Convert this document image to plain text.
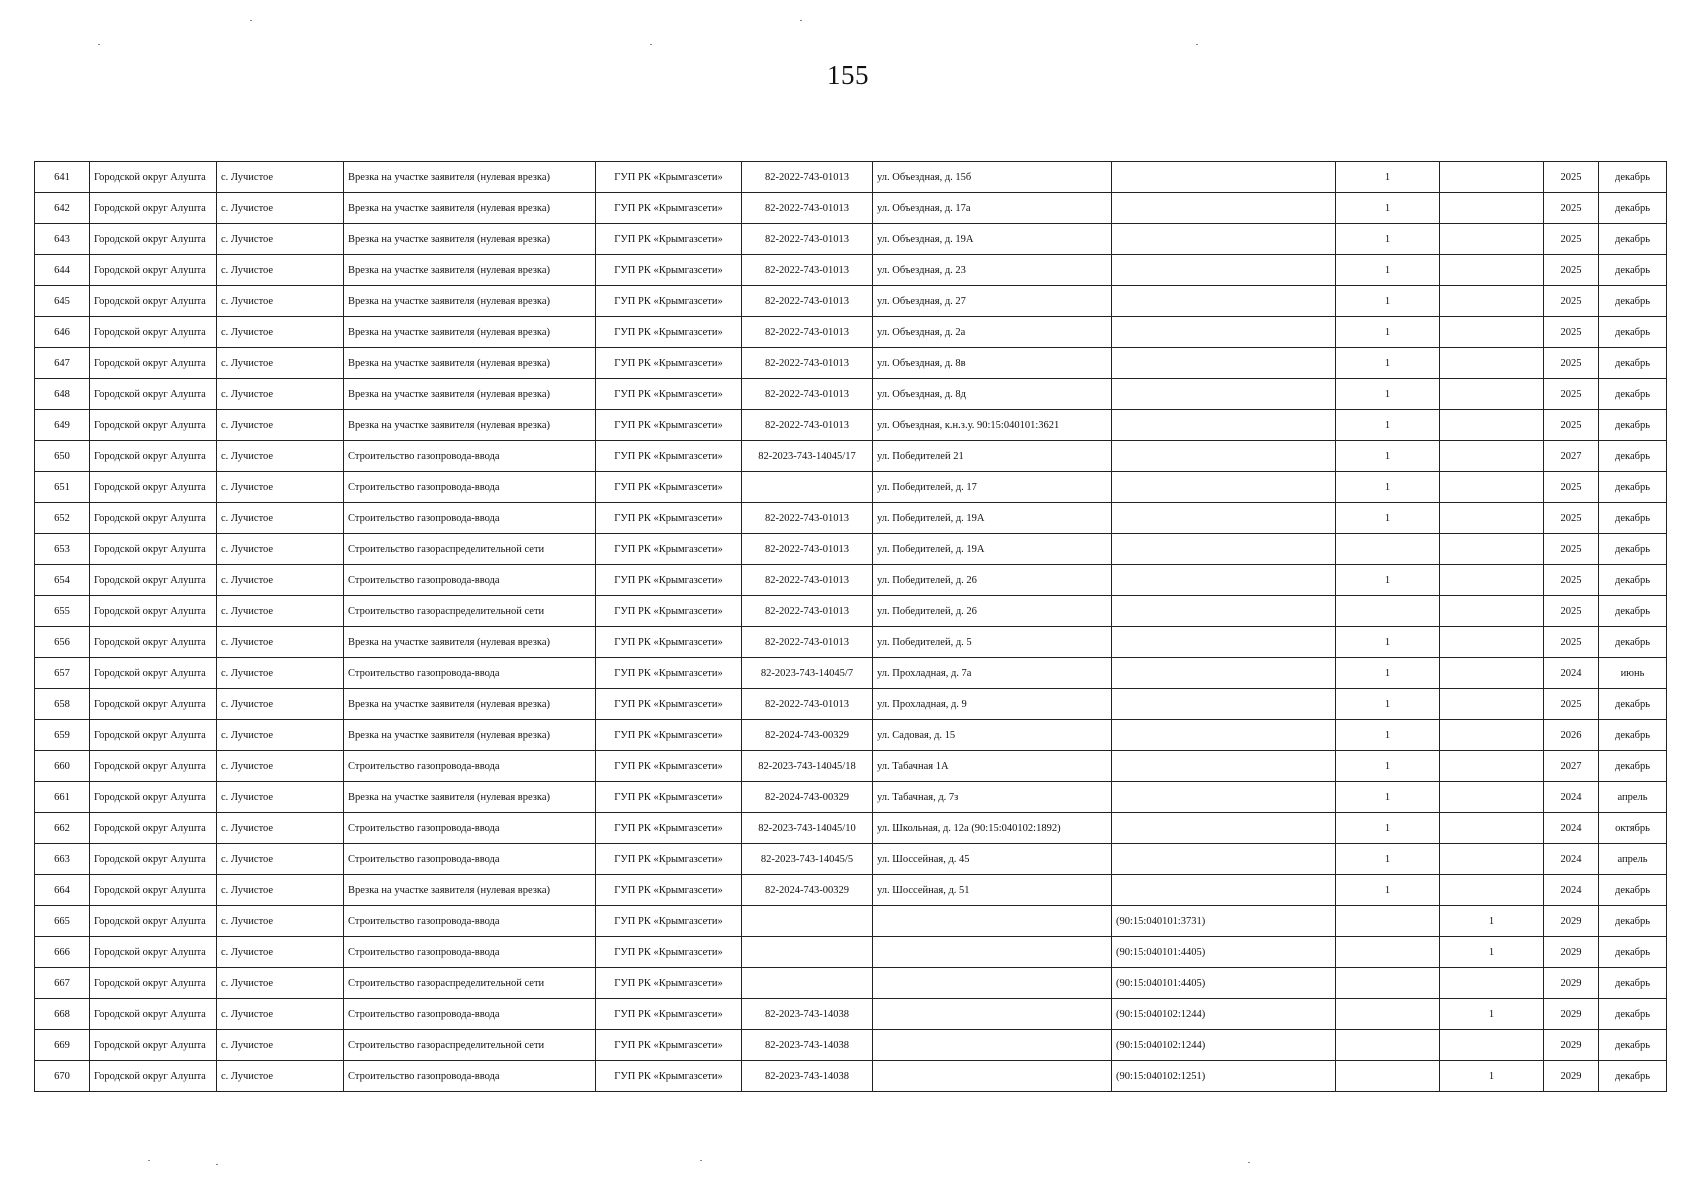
155
641	Городской округ Алушта	с. Лучистое	Врезка на участке заявителя (нулевая врезка)	ГУП РК «Крымгазсети»	82-2022-743-01013	ул. Объездная, д. 15б		1		2025	декабрь
642	Городской округ Алушта	с. Лучистое	Врезка на участке заявителя (нулевая врезка)	ГУП РК «Крымгазсети»	82-2022-743-01013	ул. Объездная, д. 17а		1		2025	декабрь
643	Городской округ Алушта	с. Лучистое	Врезка на участке заявителя (нулевая врезка)	ГУП РК «Крымгазсети»	82-2022-743-01013	ул. Объездная, д. 19А		1		2025	декабрь
644	Городской округ Алушта	с. Лучистое	Врезка на участке заявителя (нулевая врезка)	ГУП РК «Крымгазсети»	82-2022-743-01013	ул. Объездная, д. 23		1		2025	декабрь
645	Городской округ Алушта	с. Лучистое	Врезка на участке заявителя (нулевая врезка)	ГУП РК «Крымгазсети»	82-2022-743-01013	ул. Объездная, д. 27		1		2025	декабрь
646	Городской округ Алушта	с. Лучистое	Врезка на участке заявителя (нулевая врезка)	ГУП РК «Крымгазсети»	82-2022-743-01013	ул. Объездная, д. 2а		1		2025	декабрь
647	Городской округ Алушта	с. Лучистое	Врезка на участке заявителя (нулевая врезка)	ГУП РК «Крымгазсети»	82-2022-743-01013	ул. Объездная, д. 8в		1		2025	декабрь
648	Городской округ Алушта	с. Лучистое	Врезка на участке заявителя (нулевая врезка)	ГУП РК «Крымгазсети»	82-2022-743-01013	ул. Объездная, д. 8д		1		2025	декабрь
649	Городской округ Алушта	с. Лучистое	Врезка на участке заявителя (нулевая врезка)	ГУП РК «Крымгазсети»	82-2022-743-01013	ул. Объездная, к.н.з.у. 90:15:040101:3621		1		2025	декабрь
650	Городской округ Алушта	с. Лучистое	Строительство газопровода-ввода	ГУП РК «Крымгазсети»	82-2023-743-14045/17	ул. Победителей 21		1		2027	декабрь
651	Городской округ Алушта	с. Лучистое	Строительство газопровода-ввода	ГУП РК «Крымгазсети»		ул. Победителей, д. 17		1		2025	декабрь
652	Городской округ Алушта	с. Лучистое	Строительство газопровода-ввода	ГУП РК «Крымгазсети»	82-2022-743-01013	ул. Победителей, д. 19А		1		2025	декабрь
653	Городской округ Алушта	с. Лучистое	Строительство газораспределительной сети	ГУП РК «Крымгазсети»	82-2022-743-01013	ул. Победителей, д. 19А				2025	декабрь
654	Городской округ Алушта	с. Лучистое	Строительство газопровода-ввода	ГУП РК «Крымгазсети»	82-2022-743-01013	ул. Победителей, д. 26		1		2025	декабрь
655	Городской округ Алушта	с. Лучистое	Строительство газораспределительной сети	ГУП РК «Крымгазсети»	82-2022-743-01013	ул. Победителей, д. 26				2025	декабрь
656	Городской округ Алушта	с. Лучистое	Врезка на участке заявителя (нулевая врезка)	ГУП РК «Крымгазсети»	82-2022-743-01013	ул. Победителей, д. 5		1		2025	декабрь
657	Городской округ Алушта	с. Лучистое	Строительство газопровода-ввода	ГУП РК «Крымгазсети»	82-2023-743-14045/7	ул. Прохладная, д. 7а		1		2024	июнь
658	Городской округ Алушта	с. Лучистое	Врезка на участке заявителя (нулевая врезка)	ГУП РК «Крымгазсети»	82-2022-743-01013	ул. Прохладная, д. 9		1		2025	декабрь
659	Городской округ Алушта	с. Лучистое	Врезка на участке заявителя (нулевая врезка)	ГУП РК «Крымгазсети»	82-2024-743-00329	ул. Садовая, д. 15		1		2026	декабрь
660	Городской округ Алушта	с. Лучистое	Строительство газопровода-ввода	ГУП РК «Крымгазсети»	82-2023-743-14045/18	ул. Табачная 1А		1		2027	декабрь
661	Городской округ Алушта	с. Лучистое	Врезка на участке заявителя (нулевая врезка)	ГУП РК «Крымгазсети»	82-2024-743-00329	ул. Табачная, д. 7з		1		2024	апрель
662	Городской округ Алушта	с. Лучистое	Строительство газопровода-ввода	ГУП РК «Крымгазсети»	82-2023-743-14045/10	ул. Школьная, д. 12а (90:15:040102:1892)		1		2024	октябрь
663	Городской округ Алушта	с. Лучистое	Строительство газопровода-ввода	ГУП РК «Крымгазсети»	82-2023-743-14045/5	ул. Шоссейная, д. 45		1		2024	апрель
664	Городской округ Алушта	с. Лучистое	Врезка на участке заявителя (нулевая врезка)	ГУП РК «Крымгазсети»	82-2024-743-00329	ул. Шоссейная, д. 51		1		2024	декабрь
665	Городской округ Алушта	с. Лучистое	Строительство газопровода-ввода	ГУП РК «Крымгазсети»			(90:15:040101:3731)		1	2029	декабрь
666	Городской округ Алушта	с. Лучистое	Строительство газопровода-ввода	ГУП РК «Крымгазсети»			(90:15:040101:4405)		1	2029	декабрь
667	Городской округ Алушта	с. Лучистое	Строительство газораспределительной сети	ГУП РК «Крымгазсети»			(90:15:040101:4405)			2029	декабрь
668	Городской округ Алушта	с. Лучистое	Строительство газопровода-ввода	ГУП РК «Крымгазсети»	82-2023-743-14038		(90:15:040102:1244)		1	2029	декабрь
669	Городской округ Алушта	с. Лучистое	Строительство газораспределительной сети	ГУП РК «Крымгазсети»	82-2023-743-14038		(90:15:040102:1244)			2029	декабрь
670	Городской округ Алушта	с. Лучистое	Строительство газопровода-ввода	ГУП РК «Крымгазсети»	82-2023-743-14038		(90:15:040102:1251)		1	2029	декабрь
